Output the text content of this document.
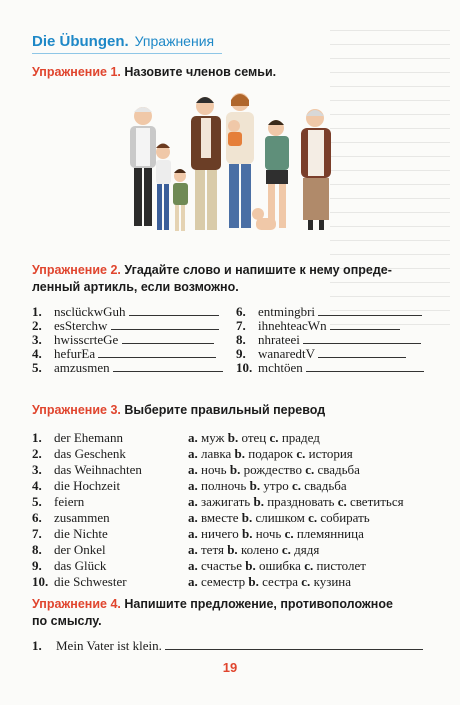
Die Übungen. Упражнения
Упражнение 1. Назовите членов семьи.
Упражнение 2. Угадайте слово и напишите к нему опреде-
ленный артикль, если возможно.
1. nsclückwGuh
2. esSterchw
3. hwisscrteGe
4. hefurEa
5. amzusmen
6. entmingbri
7. ihnehteacWn
8. nhrateei
9. wanaredtV
10. mchtöen
Упражнение 3. Выберите правильный перевод
1. der Ehemann
2. das Geschenk
3. das Weihnachten
4. die Hochzeit
5. feiern
6. zusammen
7. die Nichte
8. der Onkel
9. das Glück
10. die Schwester
а. муж b. отец с. прадед
а. лавка b. подарок с. история
а. ночь b. рождество с. свадьба
а. полночь b. утро с. свадьба
а. зажигать b. праздновать с. светиться
а. вместе b. слишком с. собирать
а. ничего b. ночь с. племянница
а. тетя b. колено с. дядя
а. счастье b. ошибка с. пистолет
а. семестр b. сестра с. кузина
Упражнение 4. Напишите предложение, противоположное
по смыслу.
1. Mein Vater ist klein.
19
